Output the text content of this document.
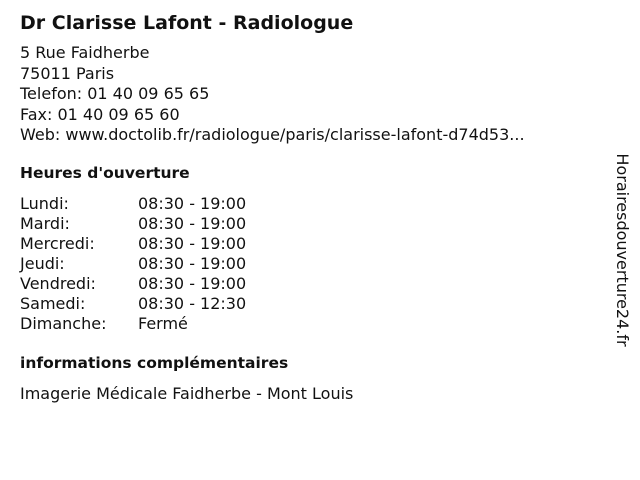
Dr Clarisse Lafont - Radiologue
5 Rue Faidherbe
75011 Paris
Telefon: 01 40 09 65 65
Fax: 01 40 09 65 60
Web: www.doctolib.fr/radiologue/paris/clarisse-lafont-d74d53...
Heures d'ouverture
Lundi:	08:30 - 19:00
Mardi:	08:30 - 19:00
Mercredi:	08:30 - 19:00
Jeudi:	08:30 - 19:00
Vendredi:	08:30 - 19:00
Samedi:	08:30 - 12:30
Dimanche: Fermé
informations complémentaires
Imagerie Médicale Faidherbe - Mont Louis
Horairesdouverture24.fr
